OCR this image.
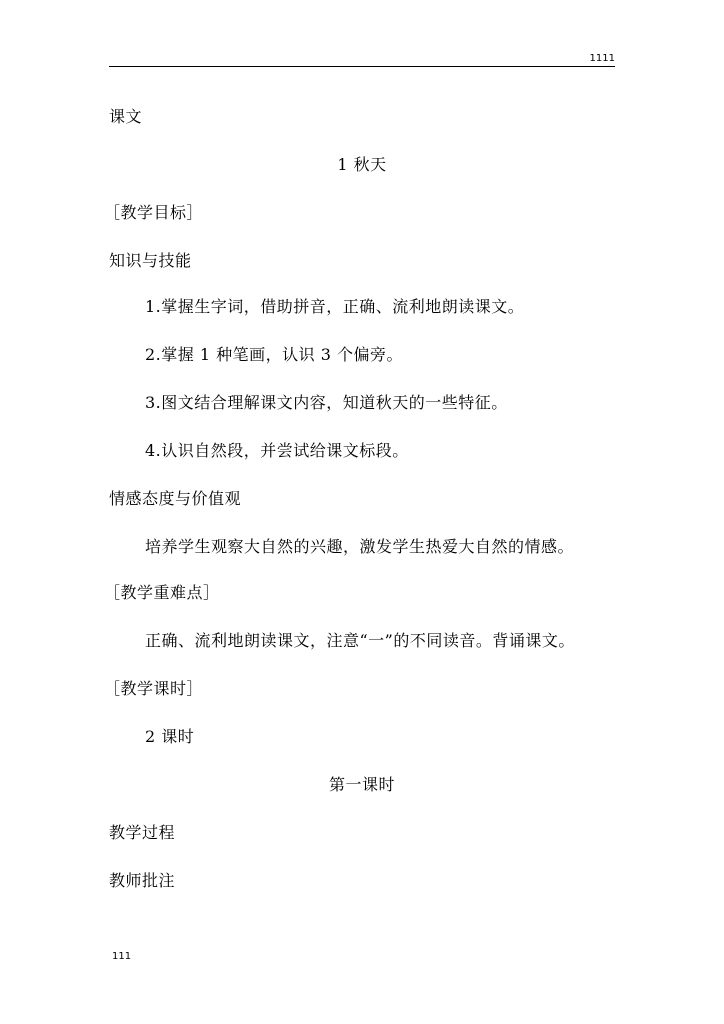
1111
课文
1 秋天
［教学目标］
知识与技能
1.掌握生字词，借助拼音，正确、流利地朗读课文。
2.掌握 1 种笔画，认识 3 个偏旁。
3.图文结合理解课文内容，知道秋天的一些特征。
4.认识自然段，并尝试给课文标段。
情感态度与价值观
培养学生观察大自然的兴趣，激发学生热爱大自然的情感。
［教学重难点］
正确、流利地朗读课文，注意“一”的不同读音。背诵课文。
［教学课时］
2 课时
第一课时
教学过程
教师批注
111
